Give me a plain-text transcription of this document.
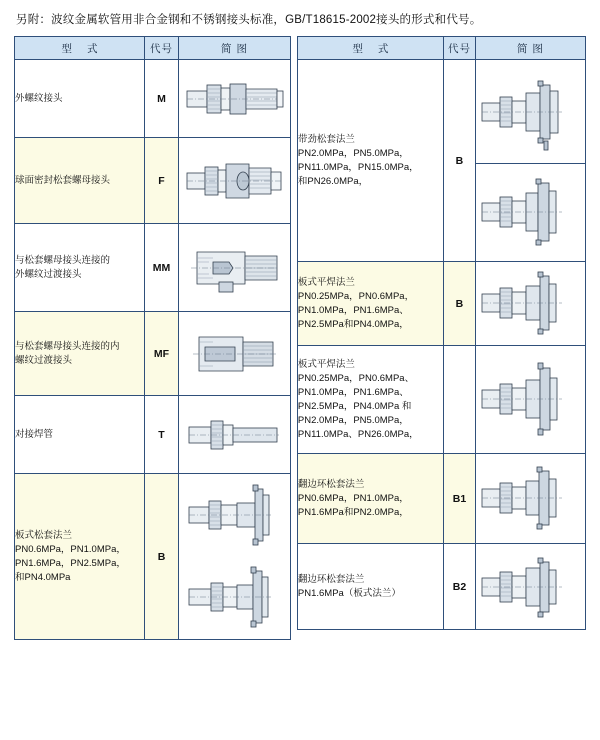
另附：波纹金属软管用非合金钢和不锈钢接头标准，GB/T18615-2002接头的形式和代号。
型 式	代号	简 图

外螺纹接头	M	

球面密封松套螺母接头	F	

与松套螺母接头连接的
外螺纹过渡接头	MM	

与松套螺母接头连接的内
螺纹过渡接头	MF	

对接焊管	T	

板式松套法兰
PN0.6MPa，PN1.0MPa，
PN1.6MPa，PN2.5MPa，
和PN4.0MPa	B	
型 式	代号	简 图

带劲松套法兰
PN2.0MPa，PN5.0MPa，
PN11.0MPa，PN15.0MPa，
和PN26.0MPa，	B	

板式平焊法兰
PN0.25MPa，PN0.6MPa，
PN1.0MPa，PN1.6MPa、
PN2.5MPa和PN4.0MPa，	B	

板式平焊法兰
PN0.25MPa，PN0.6MPa、
PN1.0MPa，PN1.6MPa、
PN2.5MPa，PN4.0MPa 和
PN2.0MPa，PN5.0MPa，
PN11.0MPa、PN26.0MPa，

翻边环松套法兰
PN0.6MPa，PN1.0MPa，
PN1.6MPa和PN2.0MPa，	B1	

翻边环松套法兰
PN1.6MPa（板式法兰）	B2	
